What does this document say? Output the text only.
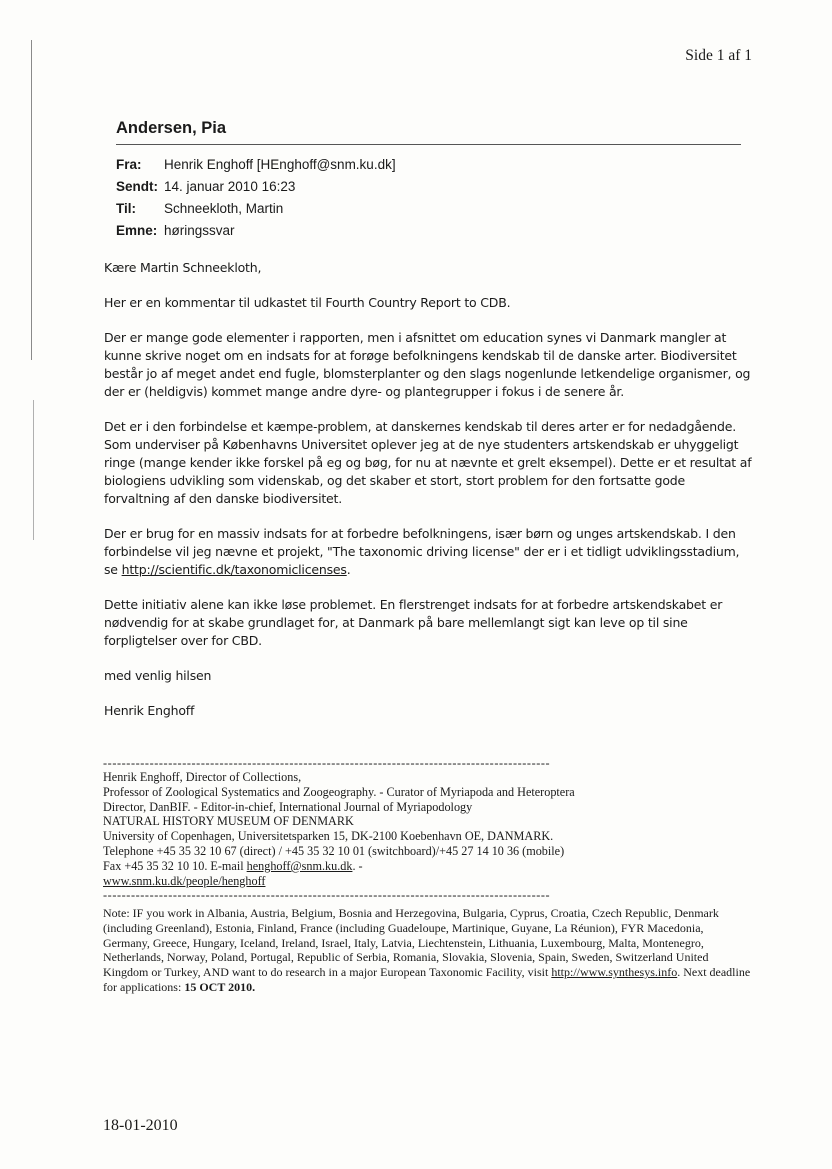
Side 1 af 1
Andersen, Pia
Fra:	Henrik Enghoff [HEnghoff@snm.ku.dk]
Sendt: 14. januar 2010 16:23
Til:	Schneekloth, Martin
Emne: høringssvar

Kære Martin Schneekloth,

Her er en kommentar til udkastet til Fourth Country Report to CDB.

Der er mange gode elementer i rapporten, men i afsnittet om education synes vi Danmark mangler at kunne skrive noget om en indsats for at forøge befolkningens kendskab til de danske arter. Biodiversitet består jo af meget andet end fugle, blomsterplanter og den slags nogenlunde letkendelige organismer, og der er (heldigvis) kommet mange andre dyre- og plantegrupper i fokus i de senere år.

Det er i den forbindelse et kæmpe-problem, at danskernes kendskab til deres arter er for nedadgående. Som underviser på Københavns Universitet oplever jeg at de nye studenters artskendskab er uhyggeligt ringe (mange kender ikke forskel på eg og bøg, for nu at nævnte et grelt eksempel). Dette er et resultat af biologiens udvikling som videnskab, og det skaber et stort, stort problem for den fortsatte gode forvaltning af den danske biodiversitet.

Der er brug for en massiv indsats for at forbedre befolkningens, især børn og unges artskendskab. I den forbindelse vil jeg nævne et projekt, "The taxonomic driving license" der er i et tidligt udviklingsstadium, se http://scientific.dk/taxonomiclicenses.

Dette initiativ alene kan ikke løse problemet. En flerstrenget indsats for at forbedre artskendskabet er nødvendig for at skabe grundlaget for, at Danmark på bare mellemlangt sigt kan leve op til sine forpligtelser over for CBD.

med venlig hilsen

Henrik Enghoff

------------------------------------------------------------------------------------------------
Henrik Enghoff, Director of Collections,
Professor of Zoological Systematics and Zoogeography. - Curator of Myriapoda and Heteroptera
Director, DanBIF. - Editor-in-chief, International Journal of Myriapodology
NATURAL HISTORY MUSEUM OF DENMARK
University of Copenhagen, Universitetsparken 15, DK-2100 Koebenhavn OE, DANMARK.
Telephone +45 35 32 10 67 (direct) / +45 35 32 10 01 (switchboard)/+45 27 14 10 36 (mobile)
Fax +45 35 32 10 10. E-mail henghoff@snm.ku.dk. -
www.snm.ku.dk/people/henghoff
------------------------------------------------------------------------------------------------
Note: IF you work in Albania, Austria, Belgium, Bosnia and Herzegovina, Bulgaria, Cyprus, Croatia, Czech Republic, Denmark (including Greenland), Estonia, Finland, France (including Guadeloupe, Martinique, Guyane, La Réunion), FYR Macedonia, Germany, Greece, Hungary, Iceland, Ireland, Israel, Italy, Latvia, Liechtenstein, Lithuania, Luxembourg, Malta, Montenegro, Netherlands, Norway, Poland, Portugal, Republic of Serbia, Romania, Slovakia, Slovenia, Spain, Sweden, Switzerland United Kingdom or Turkey, AND want to do research in a major European Taxonomic Facility, visit http://www.synthesys.info. Next deadline for applications: 15 OCT 2010.
18-01-2010
